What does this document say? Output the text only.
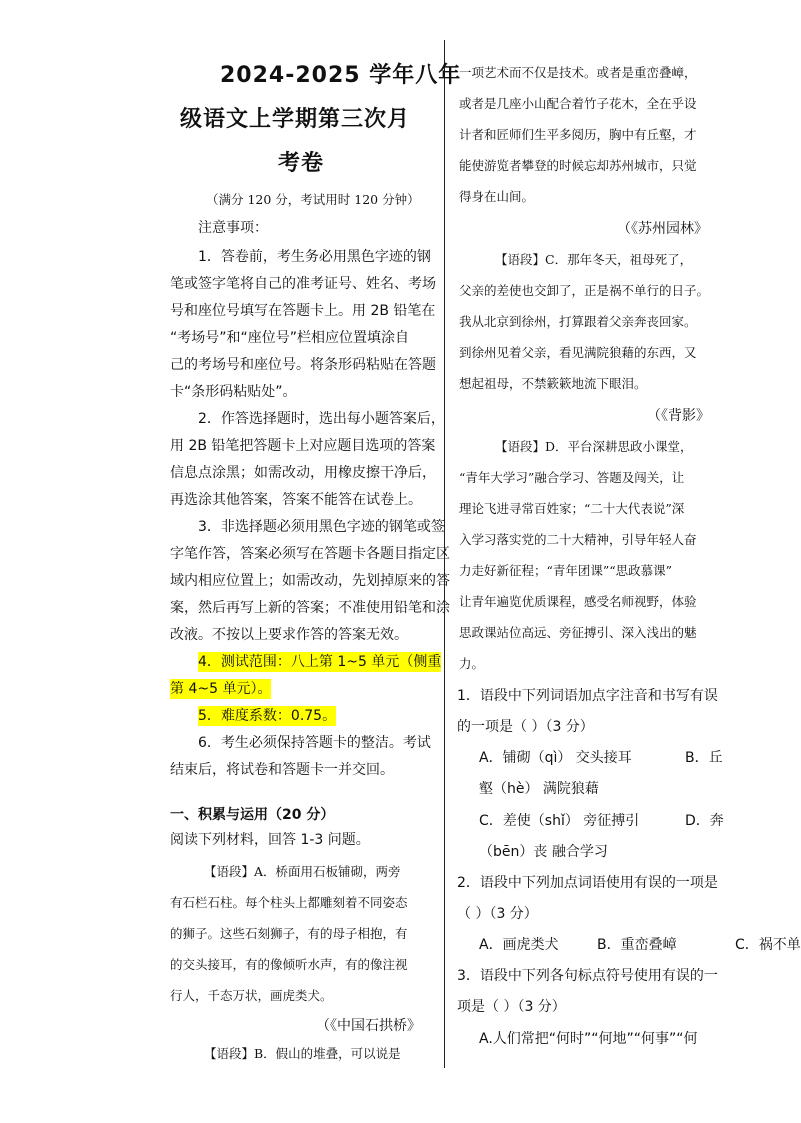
2024-2025 学年八年
级语文上学期第三次月
考卷
（满分 120 分，考试用时 120 分钟）
注意事项：
1．答卷前，考生务必用黑色字迹的钢
笔或签字笔将自己的准考证号、姓名、考场
号和座位号填写在答题卡上。用 2B 铅笔在
“考场号”和“座位号”栏相应位置填涂自
己的考场号和座位号。将条形码粘贴在答题
卡“条形码粘贴处”。
2．作答选择题时，选出每小题答案后，
用 2B 铅笔把答题卡上对应题目选项的答案
信息点涂黑；如需改动，用橡皮擦干净后，
再选涂其他答案，答案不能答在试卷上。
3．非选择题必须用黑色字迹的钢笔或签
字笔作答，答案必须写在答题卡各题目指定区
域内相应位置上；如需改动，先划掉原来的答
案，然后再写上新的答案；不准使用铅笔和涂
改液。不按以上要求作答的答案无效。
4．测试范围：八上第 1~5 单元（侧重
第 4~5 单元）。
5．难度系数：0.75。
6．考生必须保持答题卡的整洁。考试
结束后，将试卷和答题卡一并交回。
一、积累与运用（20 分）
阅读下列材料，回答 1-3 问题。
【语段】A．桥面用石板铺砌，两旁
有石栏石柱。每个柱头上都雕刻着不同姿态
的狮子。这些石刻狮子，有的母子相抱，有
的交头接耳，有的像倾听水声，有的像注视
行人，千态万状，画虎类犬。
（《中国石拱桥》
【语段】B．假山的堆叠，可以说是
一项艺术而不仅是技术。或者是重峦叠嶂，
或者是几座小山配合着竹子花木，全在乎设
计者和匠师们生平多阅历，胸中有丘壑，才
能使游览者攀登的时候忘却苏州城市，只觉
得身在山间。
（《苏州园林》
【语段】C．那年冬天，祖母死了，
父亲的差使也交卸了，正是祸不单行的日子。
我从北京到徐州，打算跟着父亲奔丧回家。
到徐州见着父亲，看见满院狼藉的东西，又
想起祖母，不禁簌簌地流下眼泪。
（《背影》
【语段】D．平台深耕思政小课堂，
“青年大学习”融合学习、答题及闯关，让
理论飞进寻常百姓家；“二十大代表说”深
入学习落实党的二十大精神，引导年轻人奋
力走好新征程；“青年团课”“思政慕课”
让青年遍览优质课程，感受名师视野，体验
思政课站位高远、旁征搏引、深入浅出的魅
力。
1．语段中下列词语加点字注音和书写有误
的一项是（ ）（3 分）
A．铺砌（qì） 交头接耳	B．丘
壑（hè） 满院狼藉
C．差使（shǐ） 旁征搏引	D．奔
（bēn）丧 融合学习
2．语段中下列加点词语使用有误的一项是
（ ）（3 分）
A．画虎类犬	B．重峦叠嶂	C．祸不单
3．语段中下列各句标点符号使用有误的一
项是（ ）（3 分）
A.人们常把“何时”“何地”“何事”“何
